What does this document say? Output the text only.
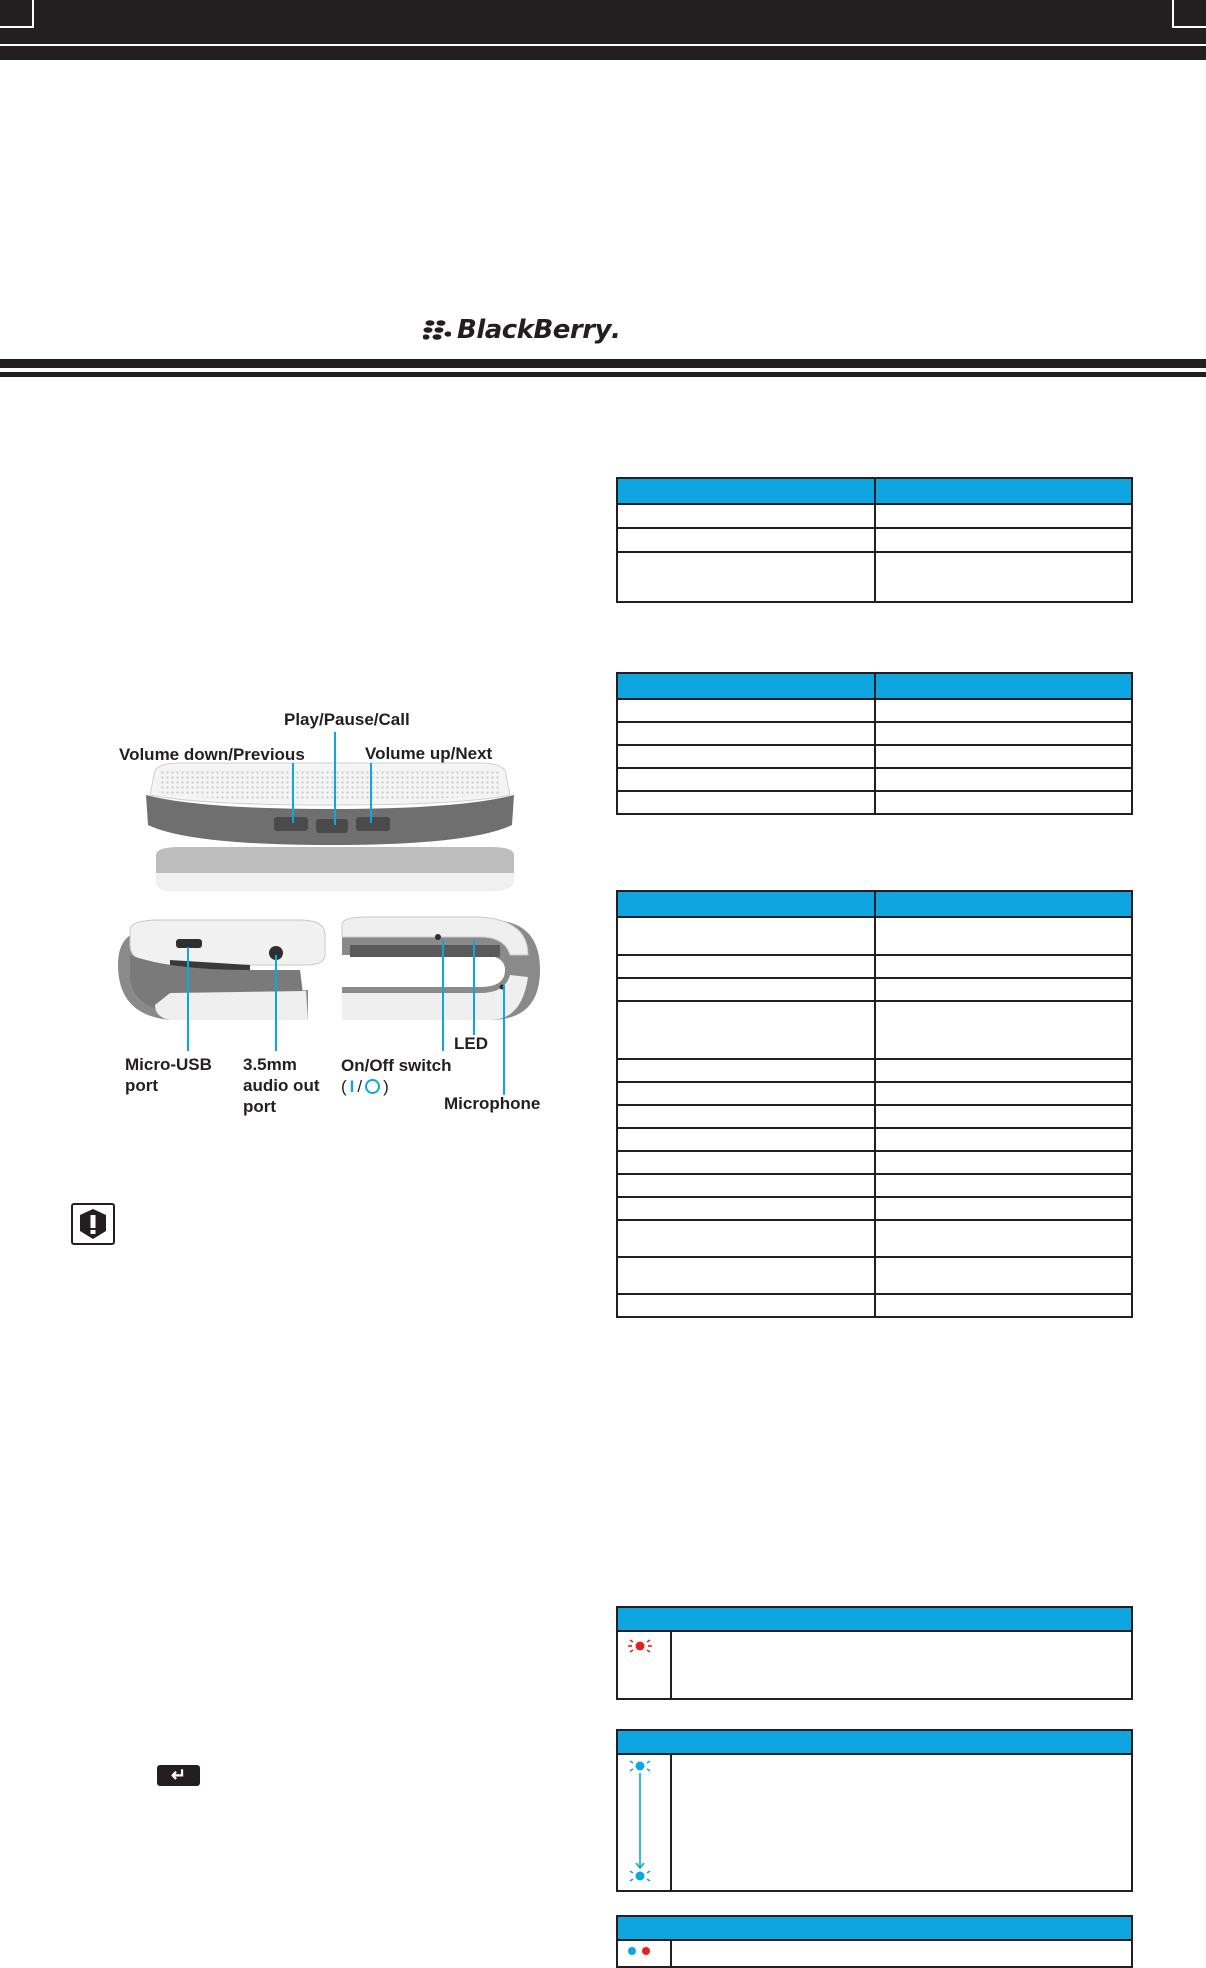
BlackBerry .
Play/Pause/Call
Volume down/Previous	Volume up/Next
Micro-USB
port
3.5mm
audio out
port
On/Off switch
( I / )
LED
Microphone
↵
